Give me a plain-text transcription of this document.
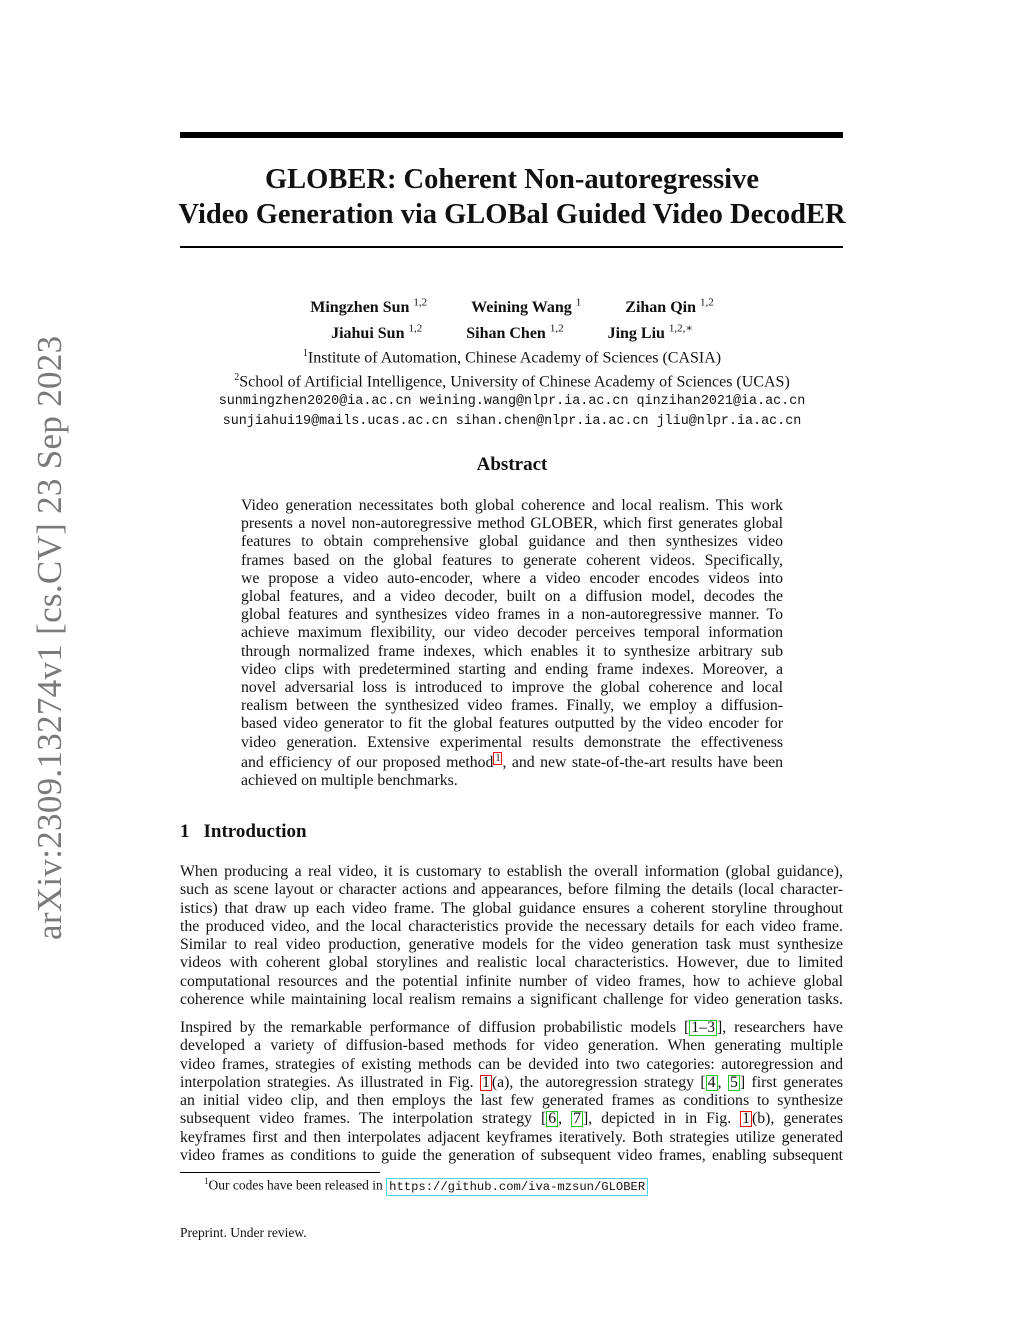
arXiv:2309.13274v1 [cs.CV] 23 Sep 2023
GLOBER: Coherent Non-autoregressive
Video Generation via GLOBal Guided Video DecodER
Mingzhen Sun $^{1,2}$	Weining Wang $^1$	Zihan Qin $^{1,2}$
Jiahui Sun $^{1,2}$	Sihan Chen $^{1,2}$	Jing Liu $^{1,2,∗}$
$^1$Institute of Automation, Chinese Academy of Sciences (CASIA)
$^2$School of Artificial Intelligence, University of Chinese Academy of Sciences (UCAS)
sunmingzhen2020@ia.ac.cn weining.wang@nlpr.ia.ac.cn qinzihan2021@ia.ac.cn
sunjiahui19@mails.ucas.ac.cn sihan.chen@nlpr.ia.ac.cn jliu@nlpr.ia.ac.cn
Abstract
Video generation necessitates both global coherence and local realism. This work
presents a novel non-autoregressive method GLOBER, which first generates global
features to obtain comprehensive global guidance and then synthesizes video
frames based on the global features to generate coherent videos. Specifically,
we propose a video auto-encoder, where a video encoder encodes videos into
global features, and a video decoder, built on a diffusion model, decodes the
global features and synthesizes video frames in a non-autoregressive manner. To
achieve maximum flexibility, our video decoder perceives temporal information
through normalized frame indexes, which enables it to synthesize arbitrary sub
video clips with predetermined starting and ending frame indexes. Moreover, a
novel adversarial loss is introduced to improve the global coherence and local
realism between the synthesized video frames. Finally, we employ a diffusion-
based video generator to fit the global features outputted by the video encoder for
video generation. Extensive experimental results demonstrate the effectiveness
and efficiency of our proposed method 1 , and new state-of-the-art results have been
achieved on multiple benchmarks.
1 Introduction
When producing a real video, it is customary to establish the overall information (global guidance),
such as scene layout or character actions and appearances, before filming the details (local character-
istics) that draw up each video frame. The global guidance ensures a coherent storyline throughout
the produced video, and the local characteristics provide the necessary details for each video frame.
Similar to real video production, generative models for the video generation task must synthesize
videos with coherent global storylines and realistic local characteristics. However, due to limited
computational resources and the potential infinite number of video frames, how to achieve global
coherence while maintaining local realism remains a significant challenge for video generation tasks.
Inspired by the remarkable performance of diffusion probabilistic models [ 1–3 ], researchers have
developed a variety of diffusion-based methods for video generation. When generating multiple
video frames, strategies of existing methods can be devided into two categories: autoregression and
interpolation strategies. As illustrated in Fig. 1 (a), the autoregression strategy [ 4 , 5 ] first generates
an initial video clip, and then employs the last few generated frames as conditions to synthesize
subsequent video frames. The interpolation strategy [ 6 , 7 ], depicted in in Fig. 1 (b), generates
keyframes first and then interpolates adjacent keyframes iteratively. Both strategies utilize generated
video frames as conditions to guide the generation of subsequent video frames, enabling subsequent
$^1$Our codes have been released in https://github.com/iva-mzsun/GLOBER
Preprint. Under review.
